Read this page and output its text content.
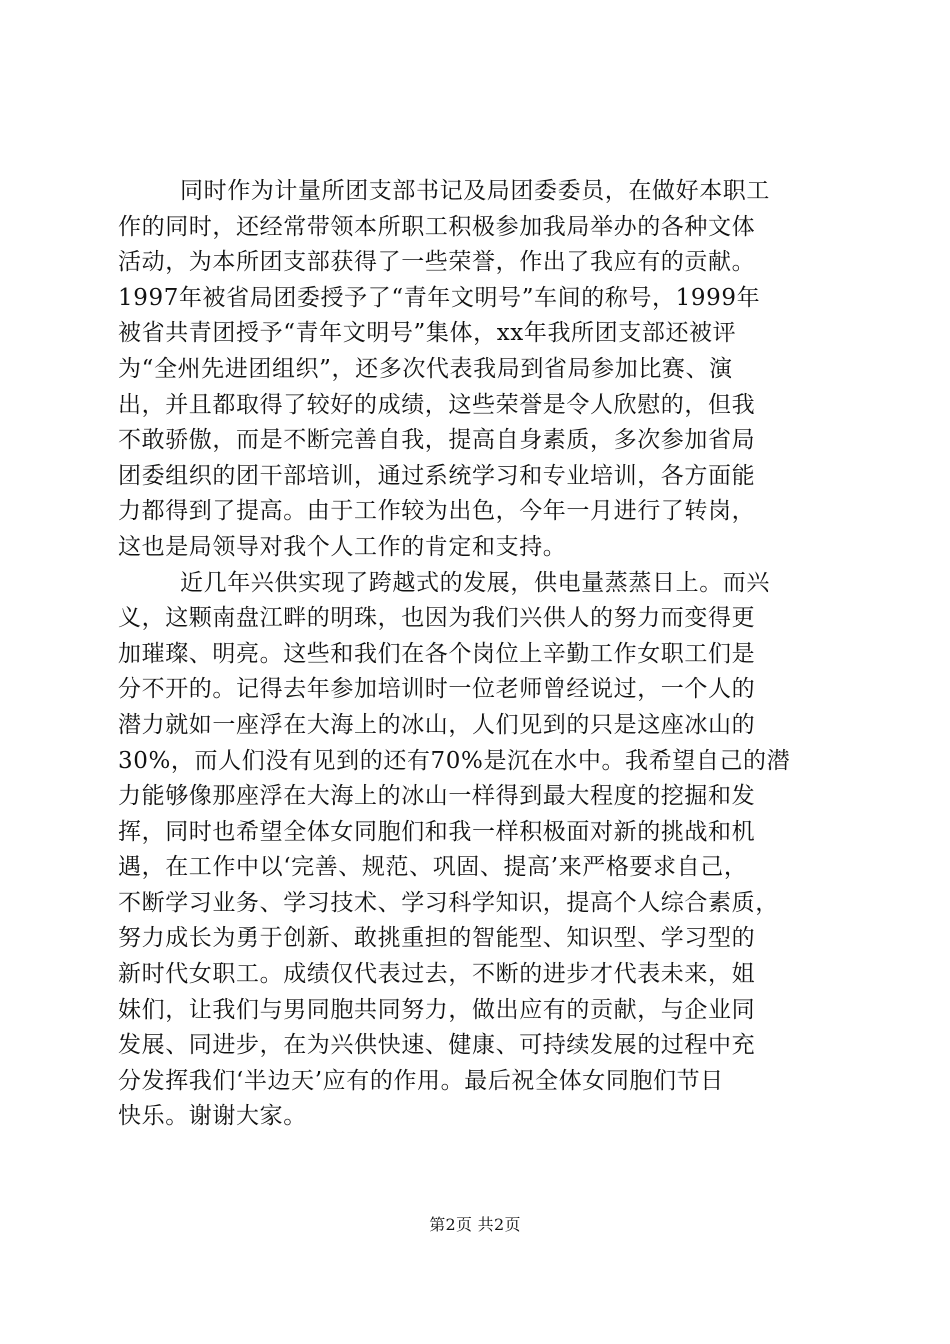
同时作为计量所团支部书记及局团委委员，在做好本职工
作的同时，还经常带领本所职工积极参加我局举办的各种文体
活动，为本所团支部获得了一些荣誉，作出了我应有的贡献。
1997年被省局团委授予了“青年文明号”车间的称号，1999年
被省共青团授予“青年文明号”集体，xx年我所团支部还被评
为“全州先进团组织”，还多次代表我局到省局参加比赛、演
出，并且都取得了较好的成绩，这些荣誉是令人欣慰的，但我
不敢骄傲，而是不断完善自我，提高自身素质，多次参加省局
团委组织的团干部培训，通过系统学习和专业培训，各方面能
力都得到了提高。由于工作较为出色，今年一月进行了转岗，
这也是局领导对我个人工作的肯定和支持。
近几年兴供实现了跨越式的发展，供电量蒸蒸日上。而兴
义，这颗南盘江畔的明珠，也因为我们兴供人的努力而变得更
加璀璨、明亮。这些和我们在各个岗位上辛勤工作女职工们是
分不开的。记得去年参加培训时一位老师曾经说过，一个人的
潜力就如一座浮在大海上的冰山，人们见到的只是这座冰山的
30%，而人们没有见到的还有70%是沉在水中。我希望自己的潜
力能够像那座浮在大海上的冰山一样得到最大程度的挖掘和发
挥，同时也希望全体女同胞们和我一样积极面对新的挑战和机
遇，在工作中以‘完善、规范、巩固、提高’来严格要求自己，
不断学习业务、学习技术、学习科学知识，提高个人综合素质，
努力成长为勇于创新、敢挑重担的智能型、知识型、学习型的
新时代女职工。成绩仅代表过去，不断的进步才代表未来，姐
妹们，让我们与男同胞共同努力，做出应有的贡献，与企业同
发展、同进步，在为兴供快速、健康、可持续发展的过程中充
分发挥我们‘半边天’应有的作用。最后祝全体女同胞们节日
快乐。谢谢大家。
第2页 共2页
